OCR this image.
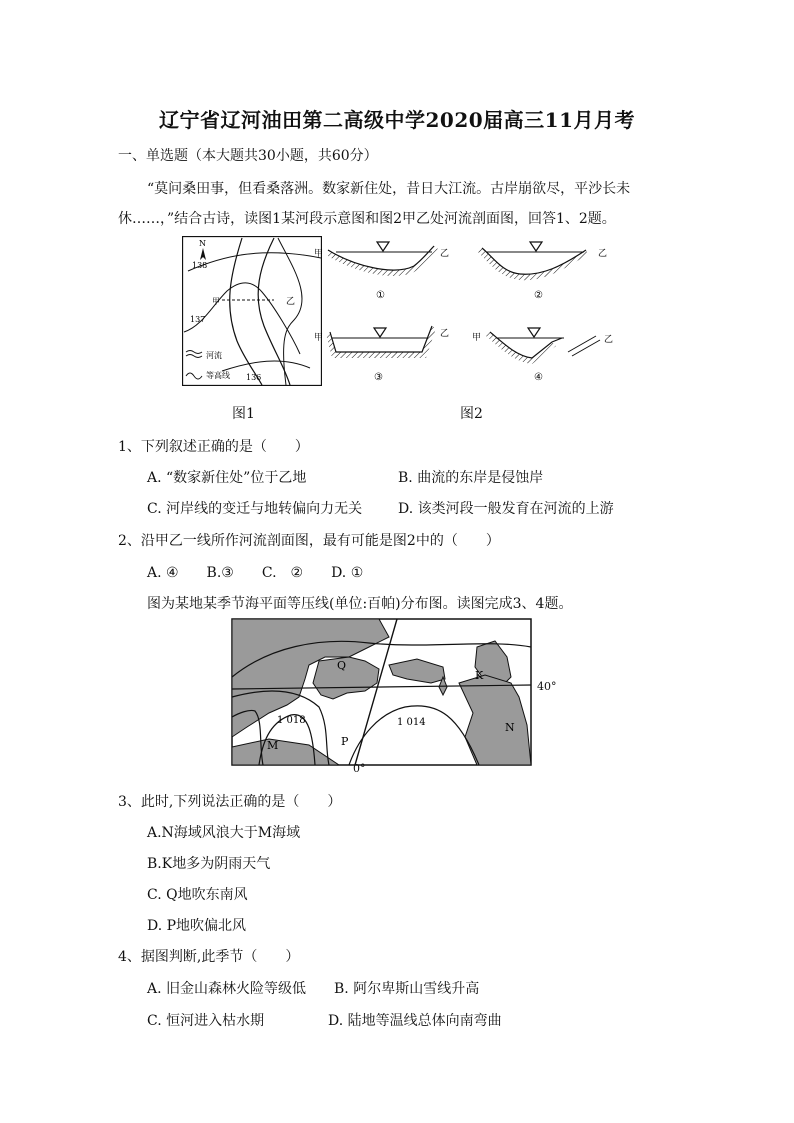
辽宁省辽河油田第二高级中学2020届高三11月月考
一、单选题（本大题共30小题，共60分）
“莫问桑田事，但看桑落洲。数家新住处，昔日大江流。古岸崩欲尽，平沙长未
休……，”结合古诗，读图1某河段示意图和图2甲乙处河流剖面图，回答1、2题。
N
甲	乙
138
137
136
河流
等高线
图1
甲	乙
①
乙
②
甲	乙
③
甲	乙
④
图2
1、下列叙述正确的是（　　）
A. “数家新住处”位于乙地	B. 曲流的东岸是侵蚀岸
C. 河岸线的变迁与地转偏向力无关	D. 该类河段一般发育在河流的上游
2、沿甲乙一线所作河流剖面图，最有可能是图2中的（　　）
A. ④　　B.③　　C.　②　　D. ①
图为某地某季节海平面等压线(单位:百帕)分布图。读图完成3、4题。
Q
K
M	P
N
1 018	1 014
40°
0°
3、此时,下列说法正确的是（　　）
A.N海域风浪大于M海域
B.K地多为阴雨天气
C. Q地吹东南风
D. P地吹偏北风
4、据图判断,此季节（　　）
A. 旧金山森林火险等级低 B. 阿尔卑斯山雪线升高
C. 恒河进入枯水期	D. 陆地等温线总体向南弯曲
